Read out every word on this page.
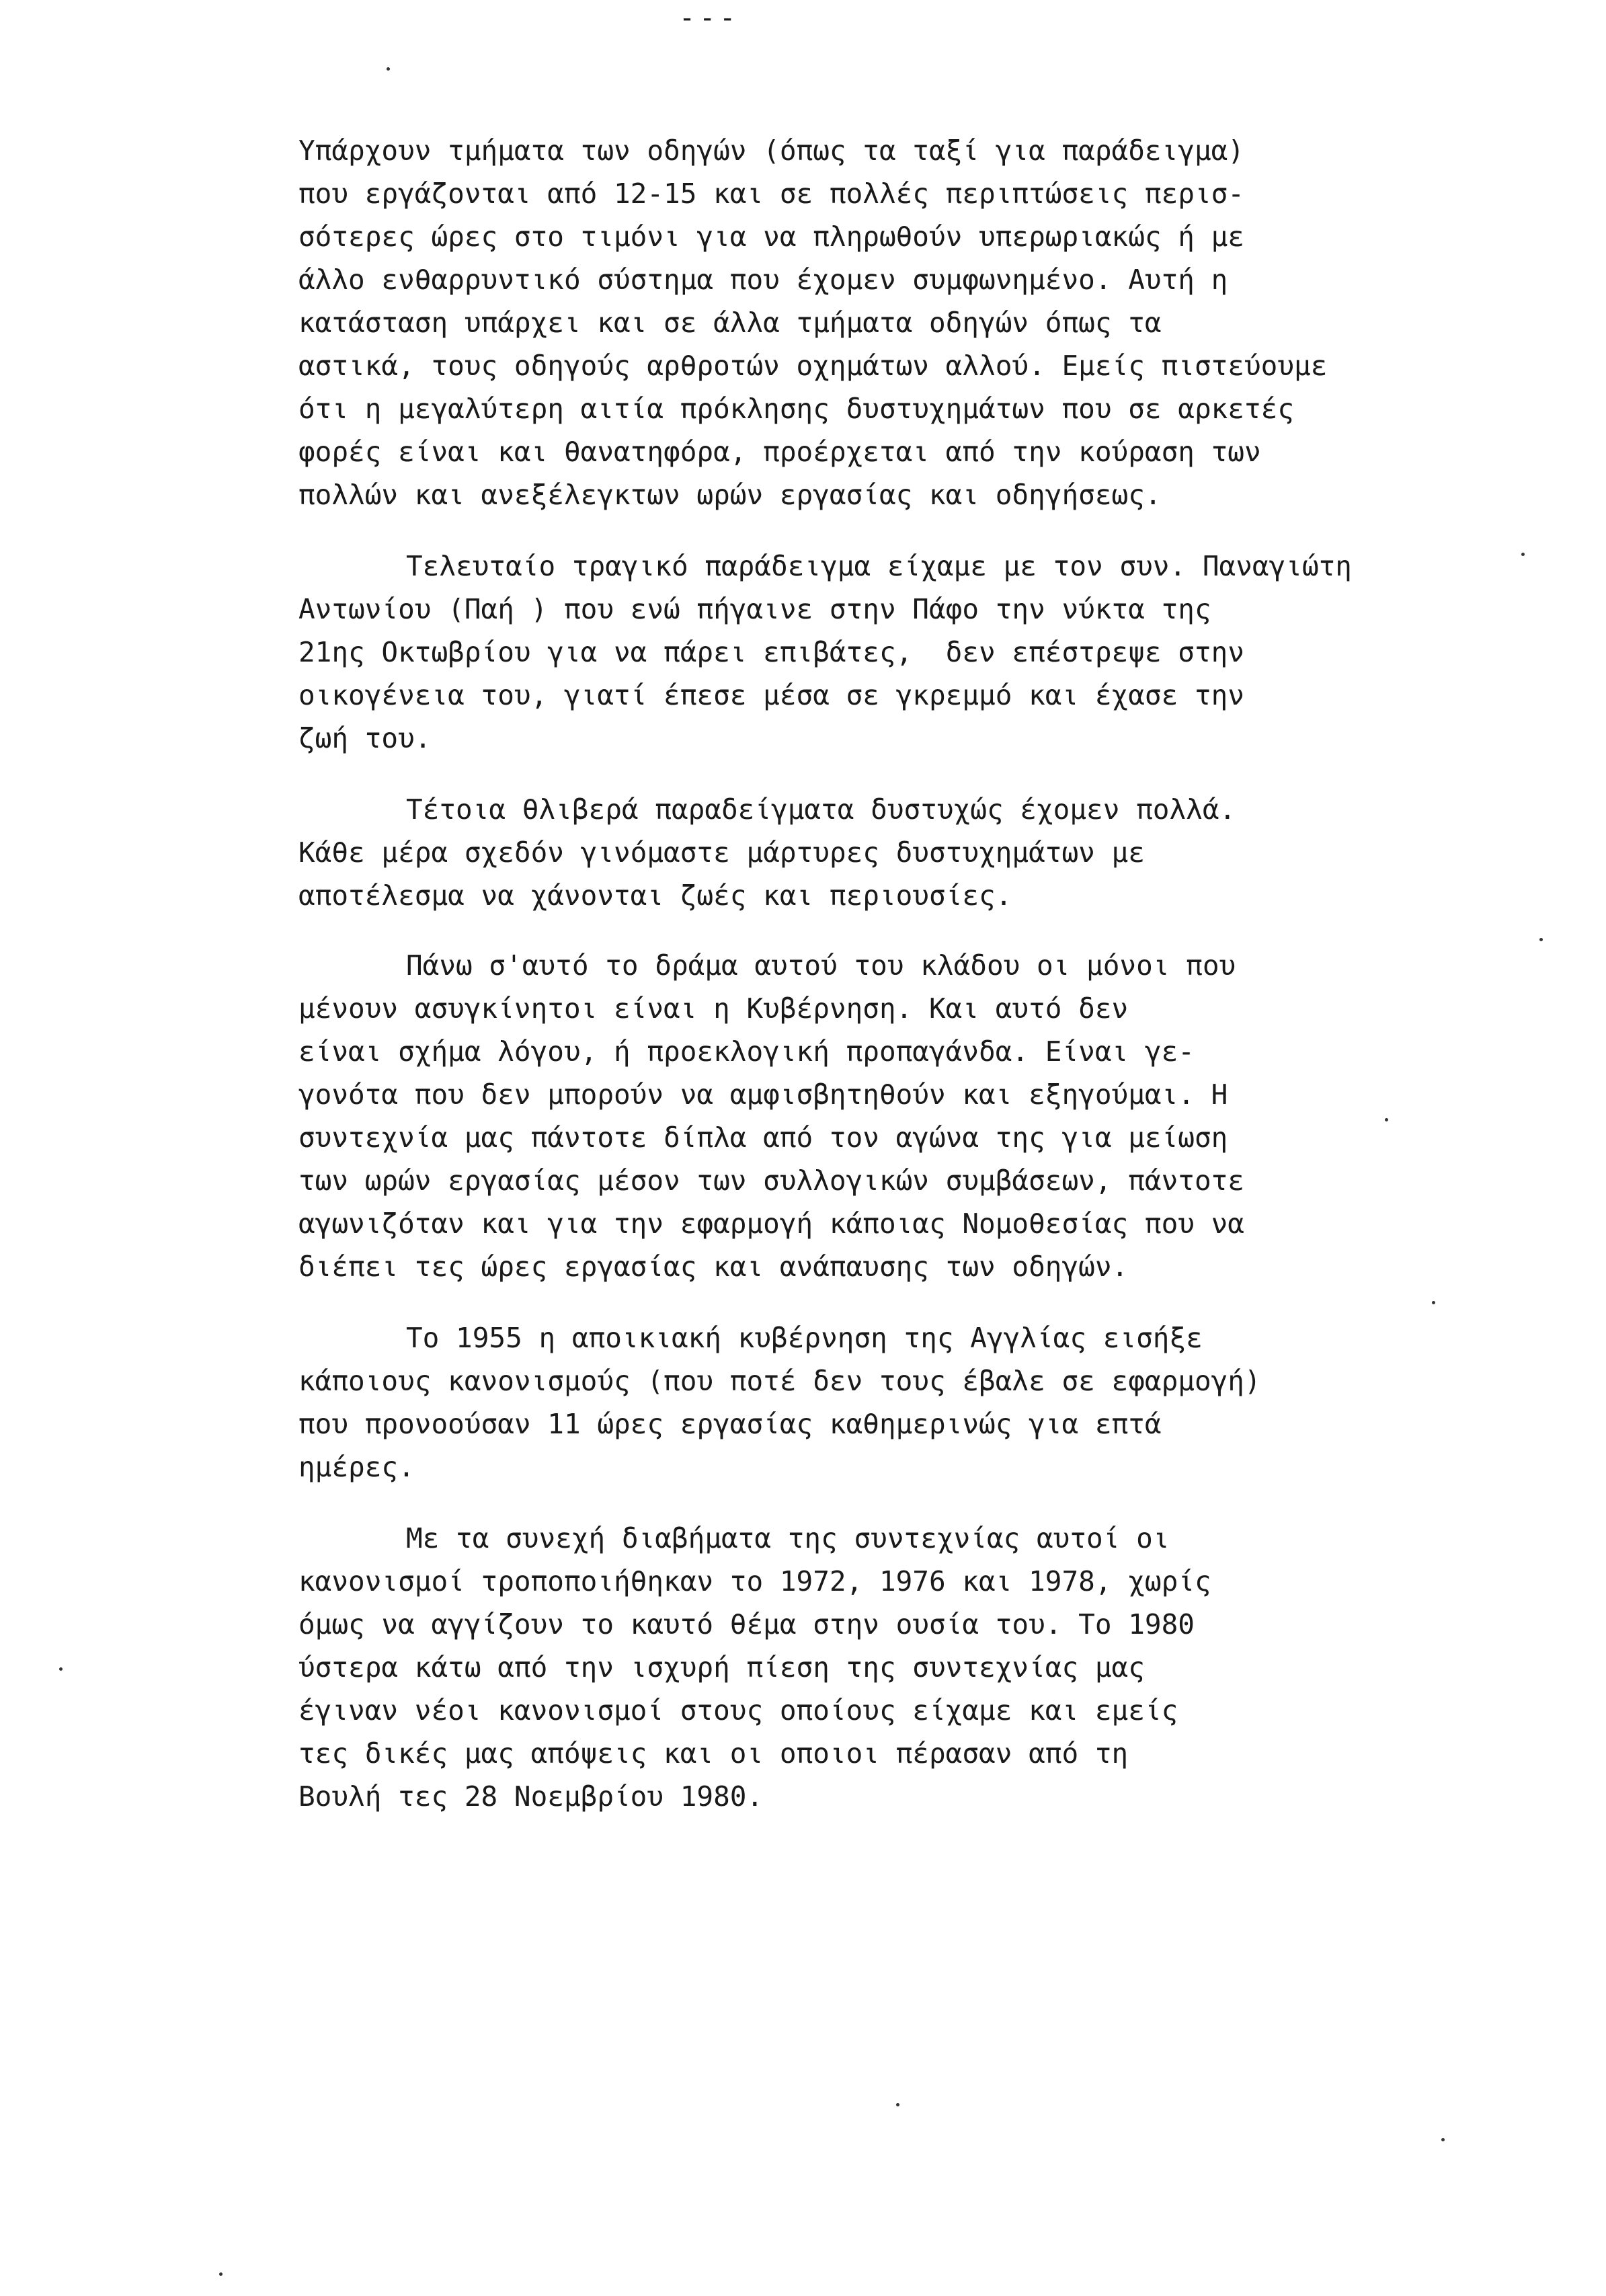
---
Υπάρχουν τμήματα των οδηγών (όπως τα ταξί για παράδειγμα)
που εργάζονται από 12-15 και σε πολλές περιπτώσεις περισ-
σότερες ώρες στο τιμόνι για να πληρωθούν υπερωριακώς ή με
άλλο ενθαρρυντικό σύστημα που έχομεν συμφωνημένο. Αυτή η
κατάσταση υπάρχει και σε άλλα τμήματα οδηγών όπως τα
αστικά, τους οδηγούς αρθροτών οχημάτων αλλού. Εμείς πιστεύουμε
ότι η μεγαλύτερη αιτία πρόκλησης δυστυχημάτων που σε αρκετές
φορές είναι και θανατηφόρα, προέρχεται από την κούραση των
πολλών και ανεξέλεγκτων ωρών εργασίας και οδηγήσεως.
Τελευταίο τραγικό παράδειγμα είχαμε με τον συν. Παναγιώτη
Αντωνίου (Παή ) που ενώ πήγαινε στην Πάφο την νύκτα της
21ης Οκτωβρίου για να πάρει επιβάτες,  δεν επέστρεψε στην
οικογένεια του, γιατί έπεσε μέσα σε γκρεμμό και έχασε την
ζωή του.
Τέτοια θλιβερά παραδείγματα δυστυχώς έχομεν πολλά.
Κάθε μέρα σχεδόν γινόμαστε μάρτυρες δυστυχημάτων με
αποτέλεσμα να χάνονται ζωές και περιουσίες.
Πάνω σ'αυτό το δράμα αυτού του κλάδου οι μόνοι που
μένουν ασυγκίνητοι είναι η Κυβέρνηση. Και αυτό δεν
είναι σχήμα λόγου, ή προεκλογική προπαγάνδα. Είναι γε-
γονότα που δεν μπορούν να αμφισβητηθούν και εξηγούμαι. Η
συντεχνία μας πάντοτε δίπλα από τον αγώνα της για μείωση
των ωρών εργασίας μέσον των συλλογικών συμβάσεων, πάντοτε
αγωνιζόταν και για την εφαρμογή κάποιας Νομοθεσίας που να
διέπει τες ώρες εργασίας και ανάπαυσης των οδηγών.
Το 1955 η αποικιακή κυβέρνηση της Αγγλίας εισήξε
κάποιους κανονισμούς (που ποτέ δεν τους έβαλε σε εφαρμογή)
που προνοούσαν 11 ώρες εργασίας καθημερινώς για επτά
ημέρες.
Με τα συνεχή διαβήματα της συντεχνίας αυτοί οι
κανονισμοί τροποποιήθηκαν το 1972, 1976 και 1978, χωρίς
όμως να αγγίζουν το καυτό θέμα στην ουσία του. Το 1980
ύστερα κάτω από την ισχυρή πίεση της συντεχνίας μας
έγιναν νέοι κανονισμοί στους οποίους είχαμε και εμείς
τες δικές μας απόψεις και οι οποιοι πέρασαν από τη
Βουλή τες 28 Νοεμβρίου 1980.
